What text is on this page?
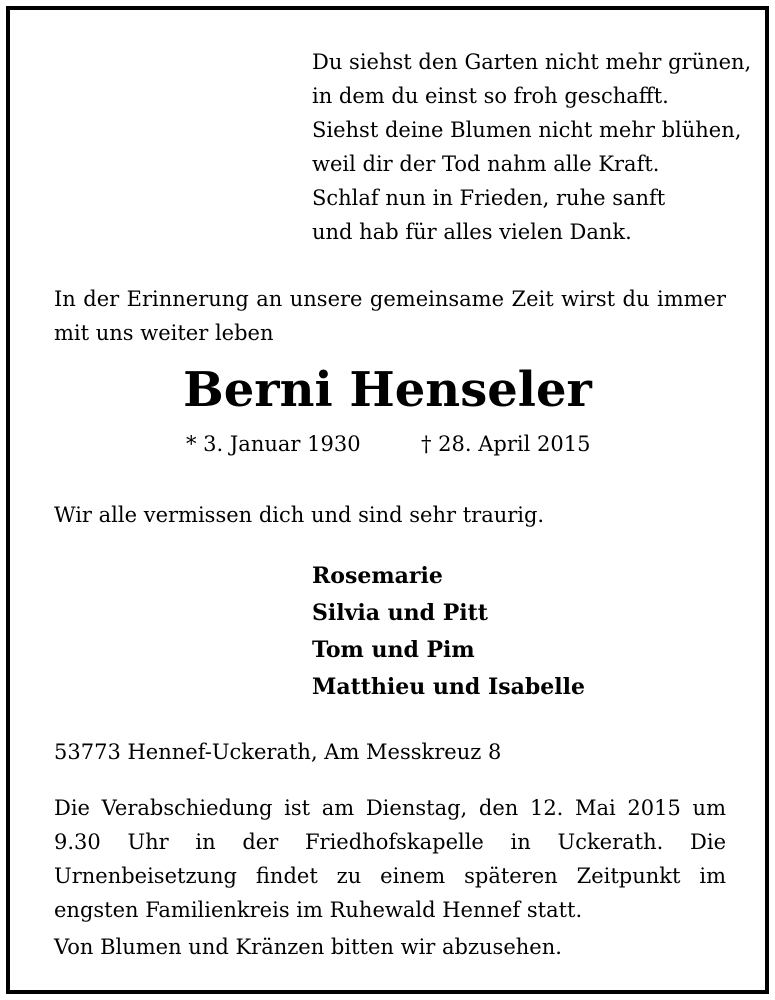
Du siehst den Garten nicht mehr grünen,
in dem du einst so froh geschafft.
Siehst deine Blumen nicht mehr blühen,
weil dir der Tod nahm alle Kraft.
Schlaf nun in Frieden, ruhe sanft
und hab für alles vielen Dank.
In der Erinnerung an unsere gemeinsame Zeit wirst du immer mit uns weiter leben
Berni Henseler
* 3. Januar 1930	† 28. April 2015
Wir alle vermissen dich und sind sehr traurig.
Rosemarie
Silvia und Pitt
Tom und Pim
Matthieu und Isabelle
53773 Hennef-Uckerath, Am Messkreuz 8
Die Verabschiedung ist am Dienstag, den 12. Mai 2015 um 9.30 Uhr in der Friedhofskapelle in Uckerath. Die Urnenbeisetzung findet zu einem späteren Zeitpunkt im engsten Familienkreis im Ruhewald Hennef statt.
Von Blumen und Kränzen bitten wir abzusehen.
